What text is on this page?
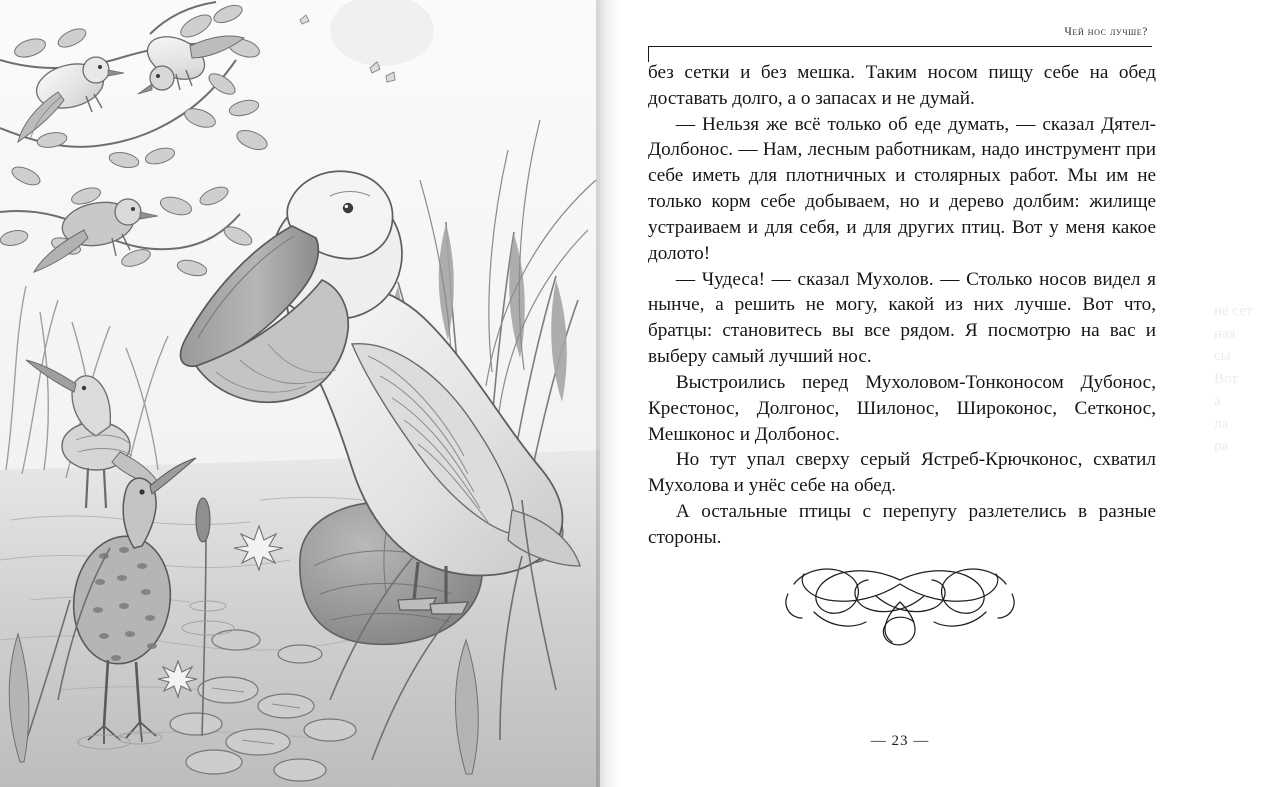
не сет
ная
сы
Вот
а
ла
ра
Чей нос лучше?

без сетки и без мешка. Таким носом пищу себе на обед доставать долго, а о запасах и не думай.

— Нельзя же всё только об еде думать, — сказал Дятел-Долбонос. — Нам, лесным работникам, надо инструмент при себе иметь для плотничных и столярных работ. Мы им не только корм себе добываем, но и дерево долбим: жилище устраиваем и для себя, и для других птиц. Вот у меня какое долото!

— Чудеса! — сказал Мухолов. — Столько носов видел я нынче, а решить не могу, какой из них лучше. Вот что, братцы: становитесь вы все рядом. Я посмотрю на вас и выберу самый лучший нос.

Выстроились перед Мухоловом-Тонконосом Дубонос, Крестонос, Долгонос, Шилонос, Широконос, Сетконос, Мешконос и Долбонос.

Но тут упал сверху серый Ястреб-Крючконос, схватил Мухолова и унёс себе на обед.

А остальные птицы с перепугу разлетелись в разные стороны.

— 23 —
